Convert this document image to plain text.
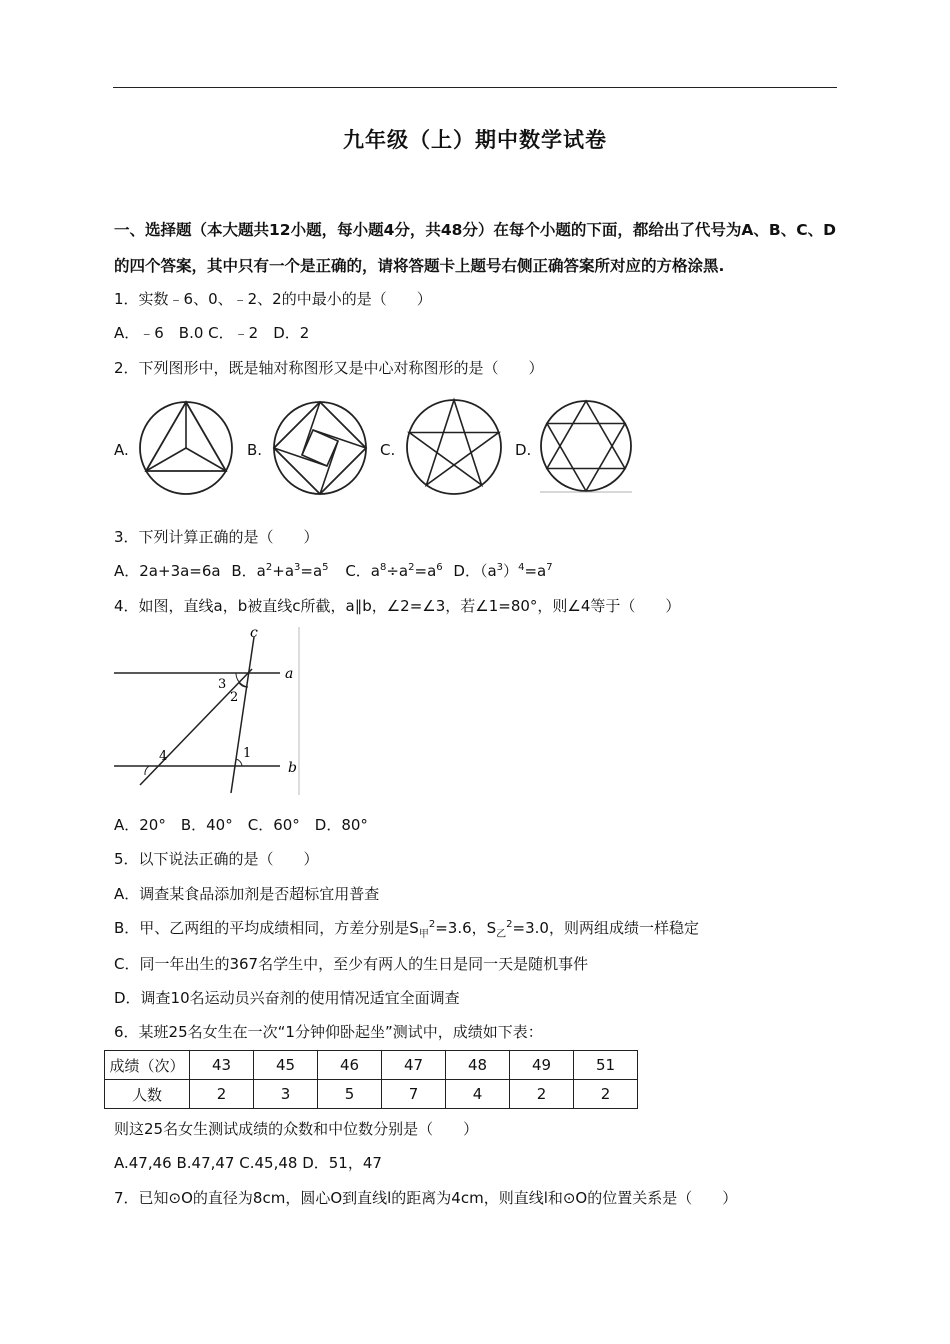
九年级（上）期中数学试卷
一、选择题（本大题共12小题，每小题4分，共48分）在每个小题的下面，都给出了代号为A、B、C、D
的四个答案，其中只有一个是正确的，请将答题卡上题号右侧正确答案所对应的方格涂黑.
1．实数﹣6、0、﹣2、2的中最小的是（　　）
A．﹣6　B.0 C．﹣2　D．2
2．下列图形中，既是轴对称图形又是中心对称图形的是（　　）
A.	B.	C.	D.
3．下列计算正确的是（　　）
A．2a+3a=6a B．$a^2+a^3=a^5$ C．$a^8\div a^2=a^6$ D．$(a^3)^4=a^7$
4．如图，直线a，b被直线c所截，a∥b，∠2=∠3，若∠1=80°，则∠4等于（　　）
c
a
b
3
2
4	1
A．20°　B．40°　C．60°　D．80°
5．以下说法正确的是（　　）
A．调查某食品添加剂是否超标宜用普查
B．甲、乙两组的平均成绩相同，方差分别是$S_甲^2=3.6$，$S_乙^2=3.0$，则两组成绩一样稳定
C．同一年出生的367名学生中，至少有两人的生日是同一天是随机事件
D．调查10名运动员兴奋剂的使用情况适宜全面调查
6．某班25名女生在一次“1分钟仰卧起坐”测试中，成绩如下表：
成绩（次）	43	45	46	47	48	49	51
人数	2	3	5	7	4	2	2
则这25名女生测试成绩的众数和中位数分别是（　　）
A.47,46 B.47,47 C.45,48 D．51，47
7．已知⊙O的直径为8cm，圆心O到直线l的距离为4cm，则直线l和⊙O的位置关系是（　　）
